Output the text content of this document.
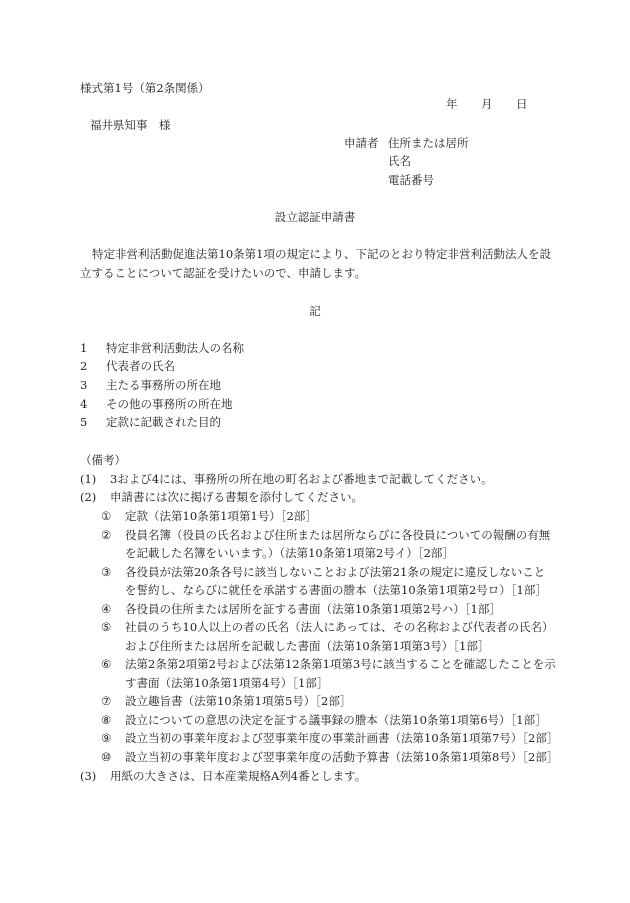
様式第1号（第2条関係）
年 月 日
福井県知事　様
申請者 住所または居所
氏名
電話番号
設立認証申請書
特定非営利活動促進法第10条第1項の規定により、下記のとおり特定非営利活動法人を設
立することについて認証を受けたいので、申請します。
記
1 特定非営利活動法人の名称
2 代表者の氏名
3 主たる事務所の所在地
4 その他の事務所の所在地
5 定款に記載された目的
（備考）
(1) 3および4には、事務所の所在地の町名および番地まで記載してください。
(2) 申請書には次に掲げる書類を添付してください。
① 定款（法第10条第1項第1号）［2部］
② 役員名簿（役員の氏名および住所または居所ならびに各役員についての報酬の有無
を記載した名簿をいいます。）（法第10条第1項第2号イ）［2部］
③ 各役員が法第20条各号に該当しないことおよび法第21条の規定に違反しないこと
を誓約し、ならびに就任を承諾する書面の謄本（法第10条第1項第2号ロ）［1部］
④ 各役員の住所または居所を証する書面（法第10条第1項第2号ハ）［1部］
⑤ 社員のうち10人以上の者の氏名（法人にあっては、その名称および代表者の氏名）
および住所または居所を記載した書面（法第10条第1項第3号）［1部］
⑥ 法第2条第2項第2号および法第12条第1項第3号に該当することを確認したことを示
す書面（法第10条第1項第4号）［1部］
⑦ 設立趣旨書（法第10条第1項第5号）［2部］
⑧ 設立についての意思の決定を証する議事録の謄本（法第10条第1項第6号）［1部］
⑨ 設立当初の事業年度および翌事業年度の事業計画書（法第10条第1項第7号）［2部］
⑩ 設立当初の事業年度および翌事業年度の活動予算書（法第10条第1項第8号）［2部］
(3) 用紙の大きさは、日本産業規格A列4番とします。
